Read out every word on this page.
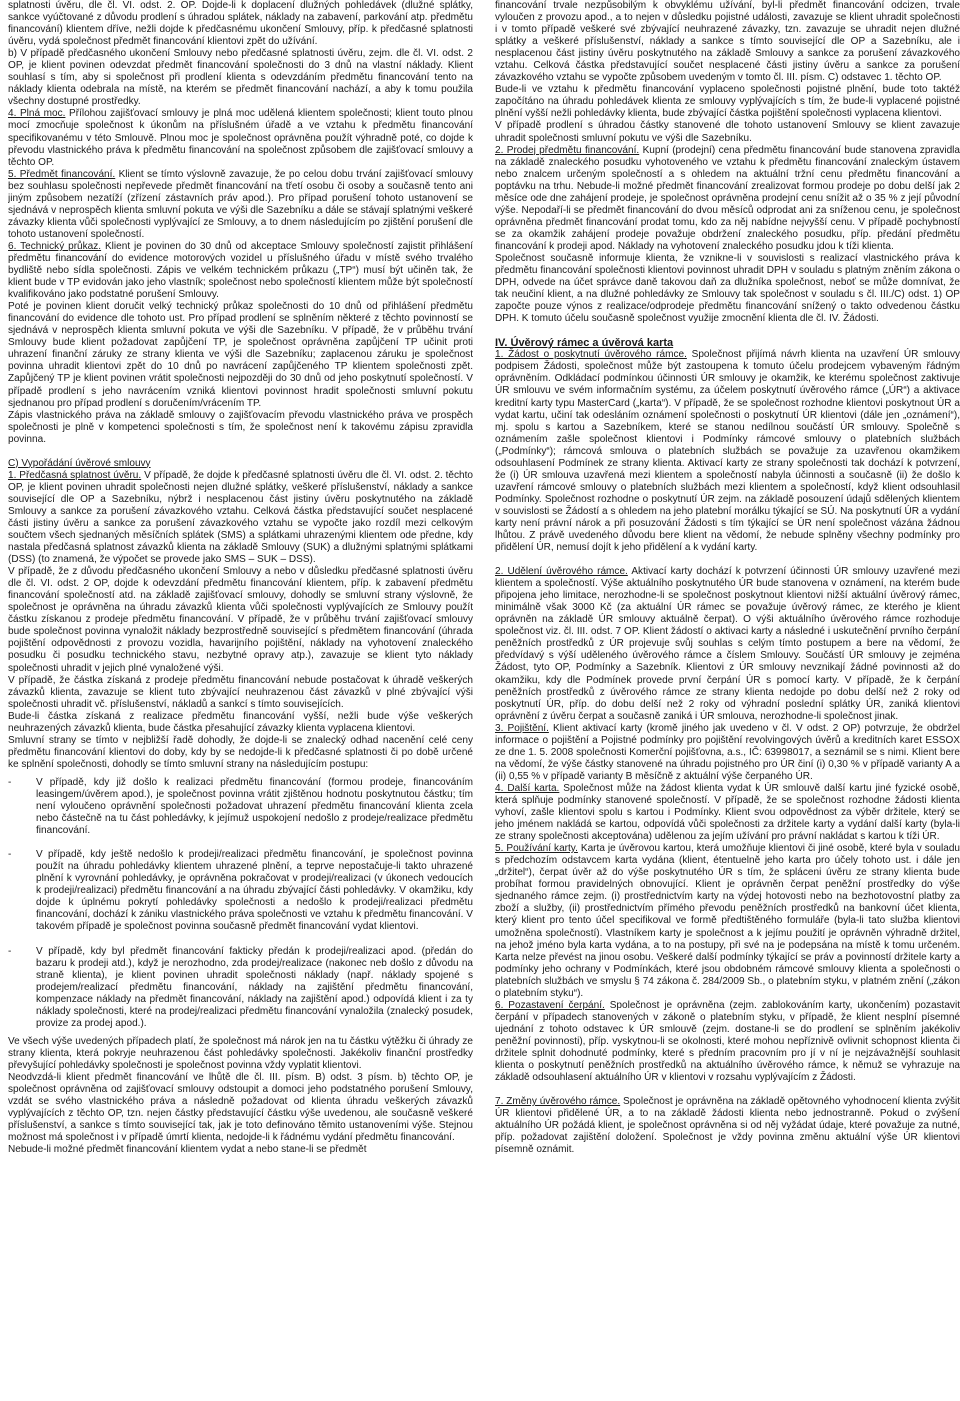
splatnosti úvěru, dle čl. VI. odst. 2. OP. Dojde-li k doplacení dlužných pohledávek (dlužné splátky, sankce vyúčtované z důvodu prodlení s úhradou splátek, náklady na zabavení, parkování atp. předmětu financování) klientem dříve, nežli dojde k předčasnému ukončení Smlouvy, příp. k předčasné splatnosti úvěru, vydá společnost předmět financování klientovi zpět do užívání.

b) V případě předčasného ukončení Smlouvy nebo předčasné splatnosti úvěru, zejm. dle čl. VI. odst. 2 OP, je klient povinen odevzdat předmět financování společnosti do 3 dnů na vlastní náklady. Klient souhlasí s tím, aby si společnost při prodlení klienta s odevzdáním předmětu financování tento na náklady klienta odebrala na místě, na kterém se předmět financování nachází, a aby k tomu použila všechny dostupné prostředky.

4. Plná moc. Přílohou zajišťovací smlouvy je plná moc udělená klientem společnosti; klient touto plnou mocí zmocňuje společnost k úkonům na příslušném úřadě a ve vztahu k předmětu financování specifikovanému v této Smlouvě. Plnou moc je společnost oprávněna použít výhradně poté, co dojde k převodu vlastnického práva k předmětu financování na společnost způsobem dle zajišťovací smlouvy a těchto OP.

5. Předmět financování. Klient se tímto výslovně zavazuje, že po celou dobu trvání zajišťovací smlouvy bez souhlasu společnosti nepřevede předmět financování na třetí osobu či osoby a současně tento ani jiným způsobem nezatíží (zřízení zástavních práv apod.). Pro případ porušení tohoto ustanovení se sjednává v neprospěch klienta smluvní pokuta ve výši dle Sazebníku a dále se stávají splatnými veškeré závazky klienta vůči společnosti vyplývající ze Smlouvy, a to dnem následujícím po zjištění porušení dle tohoto ustanovení společností.

6. Technický průkaz. Klient je povinen do 30 dnů od akceptace Smlouvy společností zajistit přihlášení předmětu financování do evidence motorových vozidel u příslušného úřadu v místě svého trvalého bydliště nebo sídla společnosti. Zápis ve velkém technickém průkazu („TP“) musí být učiněn tak, že klient bude v TP evidován jako jeho vlastník; společnost nebo společností klientem může být společností kvalifikováno jako podstatné porušení Smlouvy.

Poté je povinen klient doručit velký technický průkaz společnosti do 10 dnů od přihlášení předmětu financování do evidence dle tohoto ust. Pro případ prodlení se splněním některé z těchto povinností se sjednává v neprospěch klienta smluvní pokuta ve výši dle Sazebníku. V případě, že v průběhu trvání Smlouvy bude klient požadovat zapůjčení TP, je společnost oprávněna zapůjčení TP učinit proti uhrazení finanční záruky ze strany klienta ve výši dle Sazebníku; zaplacenou záruku je společnost povinna uhradit klientovi zpět do 10 dnů po navrácení zapůjčeného TP klientem společnosti zpět. Zapůjčený TP je klient povinen vrátit společnosti nejpozději do 30 dnů od jeho poskytnutí společností. V případě prodlení s jeho navrácením vzniká klientovi povinnost hradit společnosti smluvní pokutu sjednanou pro případ prodlení s doručením/vrácením TP.

Zápis vlastnického práva na základě smlouvy o zajišťovacím převodu vlastnického práva ve prospěch společnosti je plně v kompetenci společnosti s tím, že společnost není k takovému zápisu zpravidla povinna.

C) Vypořádání úvěrové smlouvy

1. Předčasná splatnost úvěru. V případě, že dojde k předčasné splatnosti úvěru dle čl. VI. odst. 2. těchto OP, je klient povinen uhradit společnosti nejen dlužné splátky, veškeré příslušenství, náklady a sankce související dle OP a Sazebníku, nýbrž i nesplacenou část jistiny úvěru poskytnutého na základě Smlouvy a sankce za porušení závazkového vztahu. Celková částka představující součet nesplacené části jistiny úvěru a sankce za porušení závazkového vztahu se vypočte jako rozdíl mezi celkovým součtem všech sjednaných měsíčních splátek (SMS) a splátkami uhrazenými klientem ode předne, kdy nastala předčasná splatnost závazků klienta na základě Smlouvy (SUK) a dlužnými splatnými splátkami (DSS) (to znamená, že výpočet se provede jako SMS – SUK – DSS).

V případě, že z důvodu předčasného ukončení Smlouvy a nebo v důsledku předčasné splatnosti úvěru dle čl. VI. odst. 2 OP, dojde k odevzdání předmětu financování klientem, příp. k zabavení předmětu financování společností atd. na základě zajišťovací smlouvy, dohodly se smluvní strany výslovně, že společnost je oprávněna na úhradu závazků klienta vůči společnosti vyplývajících ze Smlouvy použít částku získanou z prodeje předmětu financování. V případě, že v průběhu trvání zajišťovací smlouvy bude společnost povinna vynaložit náklady bezprostředně související s předmětem financování (úhrada pojištění odpovědnosti z provozu vozidla, havarijního pojištění, náklady na vyhotovení znaleckého posudku či posudku technického stavu, nezbytné opravy atp.), zavazuje se klient tyto náklady společnosti uhradit v jejich plné vynaložené výši.

V případě, že částka získaná z prodeje předmětu financování nebude postačovat k úhradě veškerých závazků klienta, zavazuje se klient tuto zbývající neuhrazenou část závazků v plné zbývající výši společnosti uhradit vč. příslušenství, nákladů a sankcí s tímto souvisejících.

Bude-li částka získaná z realizace předmětu financování vyšší, nežli bude výše veškerých neuhrazených závazků klienta, bude částka přesahující závazky klienta vyplacena klientovi.

Smluvní strany se tímto v nejbližší řadě dohodly, že dojde-li se znalecký odhad nacenění celé ceny předmětu financování klientovi do doby, kdy by se nedojde-li k předčasné splatnosti či po době určené ke splnění společnosti, dohodly se tímto smluvní strany na následujícím postupu:

-	V případě, kdy již došlo k realizaci předmětu financování (formou prodeje, financováním leasingem/úvěrem apod.), je společnost povinna vrátit zjištěnou hodnotu poskytnutou částku; tím není vyloučeno oprávnění společnosti požadovat uhrazení předmětu financování klienta zcela nebo částečně na tu část pohledávky, k jejímuž uspokojení nedošlo z prodeje/realizace předmětu financování.
-	V případě, kdy ještě nedošlo k prodeji/realizaci předmětu financování, je společnost povinna použít na úhradu pohledávky klientem uhrazené plnění, a teprve nepostačuje-li takto uhrazené plnění k vyrovnání pohledávky, je oprávněna pokračovat v prodeji/realizaci (v úkonech vedoucích k prodeji/realizaci) předmětu financování a na úhradu zbývající části pohledávky. V okamžiku, kdy dojde k úplnému pokrytí pohledávky společnosti a nedošlo k prodeji/realizaci předmětu financování, dochází k zániku vlastnického práva společnosti ve vztahu k předmětu financování. V takovém případě je společnost povinna současně předmět financování vydat klientovi.
-	V případě, kdy byl předmět financování fakticky předán k prodeji/realizaci apod. (předán do bazaru k prodeji atd.), když je nerozhodno, zda prodej/realizace (nakonec neb došlo z důvodu na straně klienta), je klient povinen uhradit společnosti náklady (např. náklady spojené s prodejem/realizací předmětu financování, náklady na zajištění předmětu financování, kompenzace náklady na předmět financování, náklady na zajištění apod.) odpovídá klient i za ty náklady společnosti, které na prodej/realizaci předmětu financování vynaložila (znalecký posudek, provize za prodej apod.).

Ve všech výše uvedených případech platí, že společnost má nárok jen na tu částku výtěžku či úhrady ze strany klienta, která pokryje neuhrazenou část pohledávky společnosti. Jakékoliv finanční prostředky převyšující pohledávky společnosti je společnost povinna vždy vyplatit klientovi.

Neodvzdá-li klient předmět financování ve lhůtě dle čl. III. písm. B) odst. 3 písm. b) těchto OP, je společnost oprávněna od zajišťovací smlouvy odstoupit a domoci jeho podstatného porušení Smlouvy, vzdát se svého vlastnického práva a následně požadovat od klienta úhradu veškerých závazků vyplývajících z těchto OP, tzn. nejen částky představující částku výše uvedenou, ale současně veškeré příslušenství, a sankce s tímto související tak, jak je toto definováno těmito ustanoveními výše. Stejnou možnost má společnost i v případě úmrtí klienta, nedojde-li k řádnému vydání předmětu financování.

Nebude-li možné předmět financování klientem vydat a nebo stane-li se předmět

financování trvale nezpůsobilým k obvyklému užívání, byl-li předmět financování odcizen, trvale vyloučen z provozu apod., a to nejen v důsledku pojistné události, zavazuje se klient uhradit společnosti i v tomto případě veškeré své zbývající neuhrazené závazky, tzn. zavazuje se uhradit nejen dlužné splátky a veškeré příslušenství, náklady a sankce s tímto související dle OP a Sazebníku, ale i nesplacenou část jistiny úvěru poskytnutého na základě Smlouvy a sankce za porušení závazkového vztahu. Celková částka představující součet nesplacené části jistiny úvěru a sankce za porušení závazkového vztahu se vypočte způsobem uvedeným v tomto čl. III. písm. C) odstavec 1. těchto OP.

Bude-li ve vztahu k předmětu financování vyplaceno společnosti pojistné plnění, bude toto taktéž započítáno na úhradu pohledávek klienta ze smlouvy vyplývajících s tím, že bude-li vyplacené pojistné plnění vyšší nežli pohledávky klienta, bude zbývající částka pojištění společnosti vyplacena klientovi.

V případě prodlení s úhradou částky stanovené dle tohoto ustanovení Smlouvy se klient zavazuje uhradit společnosti smluvní pokutu ve výši dle Sazebníku.

2. Prodej předmětu financování. Kupní (prodejní) cena předmětu financování bude stanovena zpravidla na základě znaleckého posudku vyhotoveného ve vztahu k předmětu financování znaleckým ústavem nebo znalcem určeným společností a s ohledem na aktuální tržní cenu předmětu financování a poptávku na trhu. Nebude-li možné předmět financování zrealizovat formou prodeje po dobu delší jak 2 měsíce ode dne zahájení prodeje, je společnost oprávněna prodejní cenu snížit až o 35 % z její původní výše. Nepodaří-li se předmět financování do dvou měsíců odprodat ani za sníženou cenu, je společnost oprávněna předmět financování prodat tomu, kdo za něj nabídne nejvyšší cenu. V případě pochybností se za okamžik zahájení prodeje považuje obdržení znaleckého posudku, příp. předání předmětu financování k prodeji apod. Náklady na vyhotovení znaleckého posudku jdou k tíži klienta.

Společnost současně informuje klienta, že vznikne-li v souvislosti s realizací vlastnického práva k předmětu financování společnosti klientovi povinnost uhradit DPH v souladu s platným zněním zákona o DPH, odvede na účet správce daně takovou daň za dlužníka společnost, neboť se může domnívat, že tak neučiní klient, a na dlužné pohledávky ze Smlouvy tak společnost v souladu s čl. III./C) odst. 1) OP započte pouze výnos z realizace/odprodeje předmětu financování snížený o takto odvedenou částku DPH. K tomuto účelu současně společnost využije zmocnění klienta dle čl. IV. Žádosti.

IV. Úvěrový rámec a úvěrová karta

1. Žádost o poskytnutí úvěrového rámce. Společnost přijímá návrh klienta na uzavření ÚR smlouvy podpisem Žádosti, společnost může být zastoupena k tomuto účelu prodejcem vybaveným řádným oprávněním. Odkládací podmínkou účinnosti ÚR smlouvy je okamžik, ke kterému společnost zaktivuje ÚR smlouvu ve svém informačním systému, za účelem poskytnutí úvěrového rámce („ÚR“) a aktivace kreditní karty typu MasterCard („karta“). V případě, že se společnost rozhodne klientovi poskytnout ÚR a vydat kartu, učiní tak odesláním oznámení společnosti o poskytnutí ÚR klientovi (dále jen „oznámení“), mj. spolu s kartou a Sazebníkem, které se stanou nedílnou součástí ÚR smlouvy. Společně s oznámením zašle společnost klientovi i Podmínky rámcové smlouvy o platebních službách („Podmínky“); rámcová smlouva o platebních službách se považuje za uzavřenou okamžikem odsouhlasení Podmínek ze strany klienta. Aktivací karty ze strany společnosti tak dochází k potvrzení, že (i) ÚR smlouva uzavřená mezi klientem a společností nabyla účinnosti a současně (ii) že došlo k uzavření rámcové smlouvy o platebních službách mezi klientem a společností, když klient odsouhlasil Podmínky. Společnost rozhodne o poskytnutí ÚR zejm. na základě posouzení údajů sdělených klientem v souvislosti se Žádostí a s ohledem na jeho platební morálku týkající se SÚ. Na poskytnutí ÚR a vydání karty není právní nárok a při posuzování Žádosti s tím týkající se ÚR není společnost vázána žádnou lhůtou. Z právě uvedeného důvodu bere klient na vědomí, že nebude splněny všechny podmínky pro přidělení ÚR, nemusí dojít k jeho přidělení a k vydání karty.

2. Udělení úvěrového rámce. Aktivací karty dochází k potvrzení účinnosti ÚR smlouvy uzavřené mezi klientem a společností. Výše aktuálního poskytnutého ÚR bude stanovena v oznámení, na kterém bude připojena jeho limitace, nerozhodne-li se společnost poskytnout klientovi nižší aktuální úvěrový rámec, minimálně však 3000 Kč (za aktuální ÚR rámec se považuje úvěrový rámec, ze kterého je klient oprávněn na základě ÚR smlouvy aktuálně čerpat). O výši aktuálního úvěrového rámce rozhoduje společnost viz. čl. III. odst. 7 OP. Klient žádostí o aktivaci karty a následné i uskutečnění prvního čerpání peněžních prostředků z ÚR projevuje svůj souhlas s celým tímto postupem a bere na vědomí, že předvídavý s výší uděleného úvěrového rámce a číslem Smlouvy. Součástí ÚR smlouvy je zejména Žádost, tyto OP, Podmínky a Sazebník. Klientovi z ÚR smlouvy nevznikají žádné povinnosti až do okamžiku, kdy dle Podmínek provede první čerpání ÚR s pomocí karty. V případě, že k čerpání peněžních prostředků z úvěrového rámce ze strany klienta nedojde po dobu delší než 2 roky od poskytnutí ÚR, příp. do dobu delší než 2 roky od výhradní poslední splátky ÚR, zaniká klientovi oprávnění z úvěru čerpat a současně zaniká i ÚR smlouva, nerozhodne-li společnost jinak.

3. Pojištění. Klient aktivací karty (kromě jiného jak uvedeno v čl. V odst. 2 OP) potvrzuje, že obdržel informace o pojištění a Pojistné podmínky pro pojištění revolvingových úvěrů a kreditních karet ESSOX ze dne 1. 5. 2008 společnosti Komerční pojišťovna, a.s., IČ: 63998017, a seznámil se s nimi. Klient bere na vědomí, že výše částky stanovené na úhradu pojistného pro ÚR činí (i) 0,30 % v případě varianty A a (ii) 0,55 % v případě varianty B měsíčně z aktuální výše čerpaného ÚR.

4. Další karta. Společnost může na žádost klienta vydat k ÚR smlouvě další kartu jiné fyzické osobě, která splňuje podmínky stanovené společností. V případě, že se společnost rozhodne žádosti klienta vyhoví, zašle klientovi spolu s kartou i Podmínky. Klient svou odpovědnost za výběr držitele, který se jeho jménem nakládá se kartou, odpovídá vůči společnosti za držitele karty a vydání další karty (byla-li ze strany společnosti akceptována) udělenou za jejím užívání pro právní nakládat s kartou k tíži ÚR.

5. Používání karty. Karta je úvěrovou kartou, která umožňuje klientovi či jiné osobě, které byla v souladu s předchozím odstavcem karta vydána (klient, étentuelně jeho karta pro účely tohoto ust. i dále jen „držitel“), čerpat úvěr až do výše poskytnutého ÚR s tím, že spláceni úvěru ze strany klienta bude probíhat formou pravidelných obnovující. Klient je oprávněn čerpat peněžní prostředky do výše sjednaného rámce zejm. (i) prostřednictvím karty na výdej hotovosti nebo na bezhotovostní platby za zboží a služby, (ii) prostřednictvím přímého převodu peněžních prostředků na bankovní účet klienta, který klient pro tento účel specifikoval ve formě předtištěného formuláře (byla-li tato služba klientovi umožněna společností). Vlastníkem karty je společnost a k jejímu použití je oprávněn výhradně držitel, na jehož jméno byla karta vydána, a to na postupy, při své na je podepsána na místě k tomu určeném. Karta nelze převést na jinou osobu. Veškeré další podmínky týkající se práv a povinností držitele karty a podmínky jeho ochrany v Podmínkách, které jsou obdobném rámcové smlouvy klienta a společnosti o platebních službách ve smyslu § 74 zákona č. 284/2009 Sb., o platebním styku, v platném znění („zákon o platebním styku“).

6. Pozastavení čerpání. Společnost je oprávněna (zejm. zablokováním karty, ukončením) pozastavit čerpání v případech stanovených v zákoně o platebním styku, v případě, že klient nesplní písemné ujednání z tohoto odstavec k ÚR smlouvě (zejm. dostane-li se do prodlení se splněním jakékoliv peněžní povinnosti), příp. vyskytnou-li se okolnosti, které mohou nepříznivě ovlivnit schopnost klienta či držitele splnit dohodnuté podmínky, které s předním pracovním pro jí v ní je nejzávažnější souhlasit klienta o poskytnutí peněžních prostředků na aktuálního úvěrového rámce, k němuž se vyhrazuje na základě odsouhlasení aktuálního ÚR v klientovi v rozsahu vyplývajícím z Žádosti.

7. Změny úvěrového rámce. Společnost je oprávněna na základě opětovného vyhodnocení klienta zvýšit ÚR klientovi přidělené ÚR, a to na základě žádosti klienta nebo jednostranně. Pokud o zvýšení aktuálního ÚR požádá klient, je společnost oprávněna si od něj vyžádat údaje, které považuje za nutné, příp. požadovat zajištění doložení. Společnost je vždy povinna změnu aktuální výše ÚR klientovi písemně oznámit.
